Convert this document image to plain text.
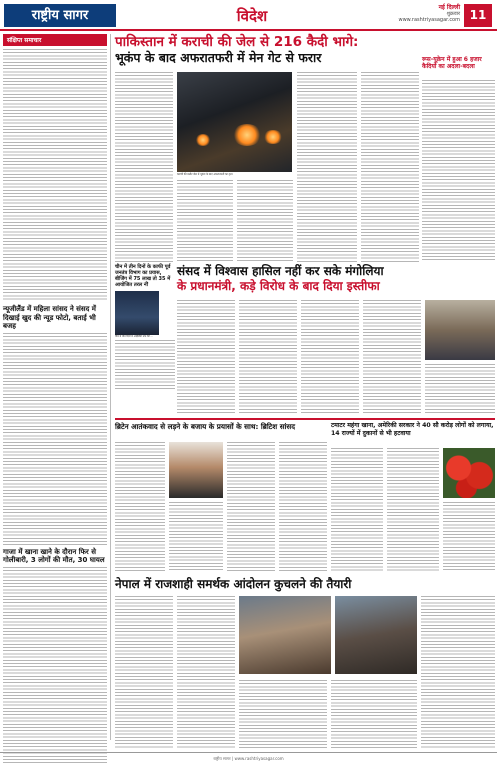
राष्ट्रीय सागर	विदेश	नई दिल्ली
शुक्रवार
www.rashtriyasagar.com 11
संक्षिप्त समाचार
न्यूजीलैंड में महिला सांसद ने संसद में दिखाई खुद की न्यूड फोटो, बताई भी बजह
गाजा में खाना खाने के दौरान फिर से गोलीबारी, 3 लोगों की मौत, 30 घायल
पाकिस्तान में कराची की जेल से 216 कैदी भागे:
भूकंप के बाद अफरातफरी में मेन गेट से फरार
कराची की मलीर जेल में भूकंप के बाद अफरातफरी का दृश्य
रूस-यूक्रेन में हुआ 6 हजार कैदियों का अदला-बदला
चीन में तीन दिनों के काफी पूर्व जनतंत्र विभाग का प्रयास, बीजिंग में 75 लाख तो 35 में आयोजित तरल नीं
चीन में तीन दिनों में आइडिया तक की ...
संसद में विश्वास हासिल नहीं कर सके मंगोलिया
के प्रधानमंत्री, कड़े विरोध के बाद दिया इस्तीफा
ब्रिटेन आतंकवाद से लड़ने के बजाय के प्रयासों के साथ: ब्रिटिश सांसद	टमाटर महंगा खाना, अमेरिकी सरकार ने 40 सौ करोड़ लोगों को लगाया, 14 राज्यों में दुकानों से भी हटवाया
नेपाल में राजशाही समर्थक आंदोलन कुचलने की तैयारी
राष्ट्रीय सागर | www.rashtriyasagar.com
